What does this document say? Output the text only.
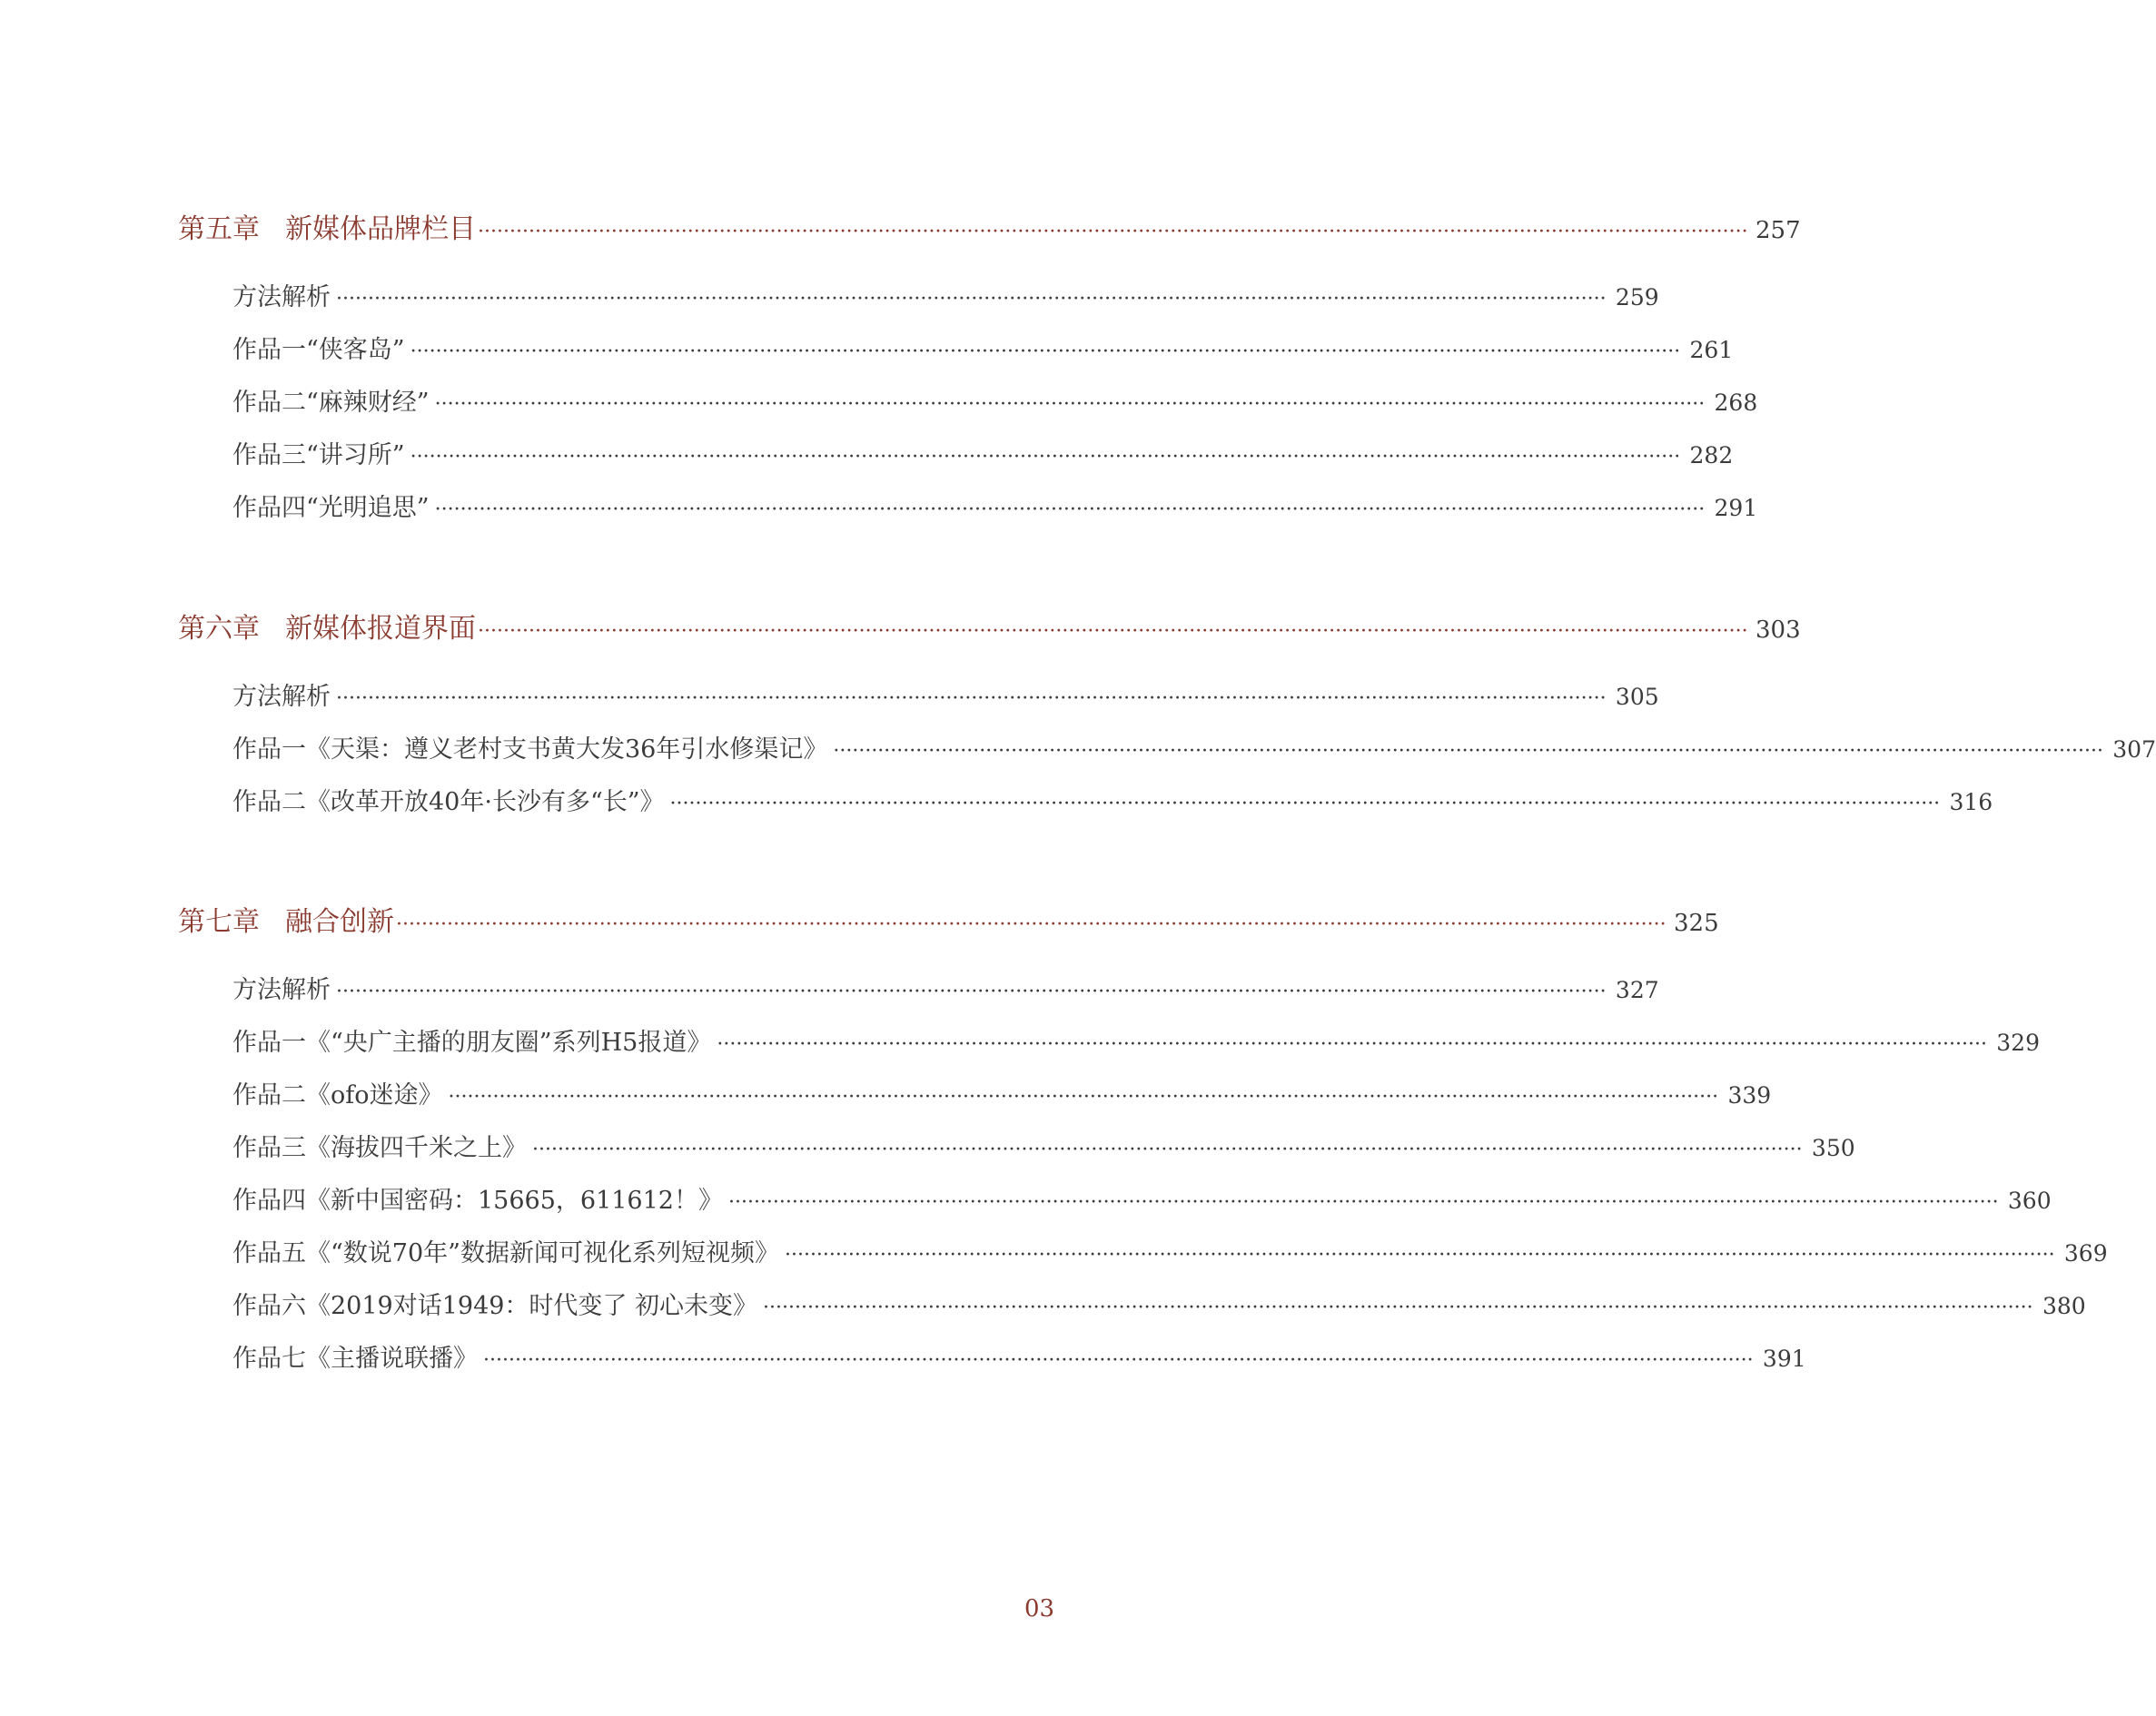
第五章 新媒体品牌栏目 ········································································································································································································ 257
方法解析 ········································································································································································································ 259
作品一“侠客岛” ········································································································································································································ 261
作品二“麻辣财经” ········································································································································································································ 268
作品三“讲习所” ········································································································································································································ 282
作品四“光明追思” ········································································································································································································ 291
第六章 新媒体报道界面 ········································································································································································································ 303
方法解析 ········································································································································································································ 305
作品一《天渠：遵义老村支书黄大发36年引水修渠记》 ········································································································································································································ 307
作品二《改革开放40年·长沙有多“长”》 ········································································································································································································ 316
第七章 融合创新 ········································································································································································································ 325
方法解析 ········································································································································································································ 327
作品一《“央广主播的朋友圈”系列H5报道》 ········································································································································································································ 329
作品二《ofo迷途》 ········································································································································································································ 339
作品三《海拔四千米之上》 ········································································································································································································ 350
作品四《新中国密码：15665，611612！》 ········································································································································································································ 360
作品五《“数说70年”数据新闻可视化系列短视频》 ········································································································································································································ 369
作品六《2019对话1949：时代变了 初心未变》 ········································································································································································································ 380
作品七《主播说联播》 ········································································································································································································ 391
03
